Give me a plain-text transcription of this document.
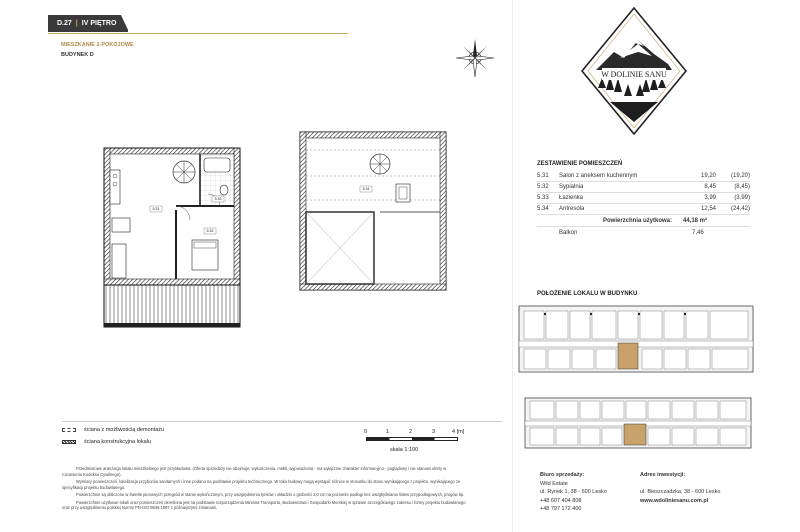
D.27 | IV PIĘTRO
MIESZKANIE 2-POKOJOWE
BUDYNEK D
5.31
5.32
5.33
5.34
W DOLINIE SANU
OSIEDLE
ZESTAWIENIE POMIESZCZEŃ
5.31	Salon z aneksem kuchennym	19,20	(19,20)
5.32	Sypialnia	8,45	(8,45)
5.33	Łazienka	3,99	(3,99)
5.34	Antresola	12,54	(24,42)
Powierzchnia użytkowa:	44,18 m²
Balkon	7,46
POŁOŻENIE LOKALU W BUDYNKU
ściana z możliwością demontażu
ściana konstrukcyjna lokalu
0	1	2	3	4 [m]
skala 1:100

Przedmiotowe aranżacja lokalu mieszkalnego jest przykładowa. (Oferta sprzedaży nie obejmuje: wykończenia, mebli, wyposażenia - ma wyłącznie charakter informacyjno - poglądowy i nie stanowi oferty w rozumieniu Kodeksu Cywilnego).

Wymiary pomieszczeń, lokalizacja przyborów sanitarnych i inne podano na podstawie projektu technicznego. W toku budowy mogą wystąpić różnice w stosunku do stanu wynikającego z projektu, wynikającego ze specyfikacji projektu budowlanego.

Powierzchnie są obliczone w świetle pionowych przegród w stanie wykończonym, przy uwzględnieniu tynków i okładzin o grubości 2,0 cm na poziomie podłogi bez uwzględniania listew przypodłogowych, progów itp.

Powierzchnie użytkowe lokali oraz pomieszczeń określona jest na podstawie rozporządzenia Ministra Transportu, Budownictwa i Gospodarki Morskiej w sprawie szczegółowego zakresu i formy projektu budowlanego oraz przy uwzględnieniu polskiej Normy PN-ISO 9836:1997 z późniejszymi zmianami.

Biuro sprzedaży:
Wild Estate
ul. Rynek 1, 38 - 600 Lesko
+48 607 404 808
+48 797 172 400
Adres inwestycji:
ul. Bieszczadzka, 38 - 600 Lesko
www.wdoliniesanu.com.pl
